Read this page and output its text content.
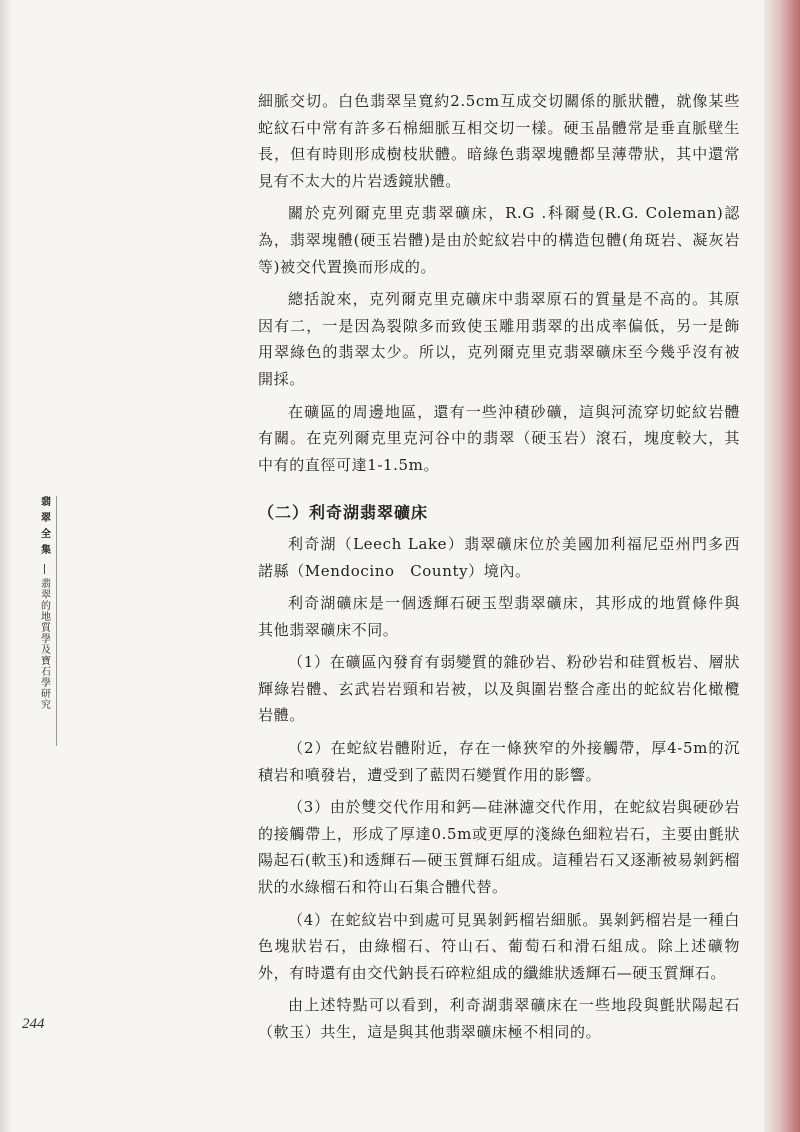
翡翠全集
翡翠的地質學及寶石學研究

細脈交切。白色翡翠呈寬約2.5cm互成交切關係的脈狀體，就像某些蛇紋石中常有許多石棉細脈互相交切一樣。硬玉晶體常是垂直脈壁生長，但有時則形成樹枝狀體。暗綠色翡翠塊體都呈薄帶狀，其中還常見有不太大的片岩透鏡狀體。

關於克列爾克里克翡翠礦床，R.G .科爾曼(R.G. Coleman)認為，翡翠塊體(硬玉岩體)是由於蛇紋岩中的構造包體(角斑岩、凝灰岩等)被交代置換而形成的。

總括說來，克列爾克里克礦床中翡翠原石的質量是不高的。其原因有二，一是因為裂隙多而致使玉雕用翡翠的出成率偏低，另一是飾用翠綠色的翡翠太少。所以，克列爾克里克翡翠礦床至今幾乎沒有被開採。

在礦區的周邊地區，還有一些沖積砂礦，這與河流穿切蛇紋岩體有關。在克列爾克里克河谷中的翡翠（硬玉岩）滾石，塊度較大，其中有的直徑可達1-1.5m。

（二）利奇湖翡翠礦床

利奇湖（Leech Lake）翡翠礦床位於美國加利福尼亞州門多西諾縣（Mendocino　County）境內。

利奇湖礦床是一個透輝石硬玉型翡翠礦床，其形成的地質條件與其他翡翠礦床不同。

（1）在礦區內發育有弱變質的雜砂岩、粉砂岩和硅質板岩、層狀輝綠岩體、玄武岩岩頸和岩被，以及與圍岩整合產出的蛇紋岩化橄欖岩體。

（2）在蛇紋岩體附近，存在一條狹窄的外接觸帶，厚4-5m的沉積岩和噴發岩，遭受到了藍閃石變質作用的影響。

（3）由於雙交代作用和鈣—硅淋濾交代作用，在蛇紋岩與硬砂岩的接觸帶上，形成了厚達0.5m或更厚的淺綠色細粒岩石，主要由氈狀陽起石(軟玉)和透輝石—硬玉質輝石組成。這種岩石又逐漸被易剝鈣榴狀的水綠榴石和符山石集合體代替。

（4）在蛇紋岩中到處可見異剝鈣榴岩細脈。異剝鈣榴岩是一種白色塊狀岩石，由綠榴石、符山石、葡萄石和滑石組成。除上述礦物外，有時還有由交代鈉長石碎粒組成的纖維狀透輝石—硬玉質輝石。

由上述特點可以看到，利奇湖翡翠礦床在一些地段與氈狀陽起石（軟玉）共生，這是與其他翡翠礦床極不相同的。

244
